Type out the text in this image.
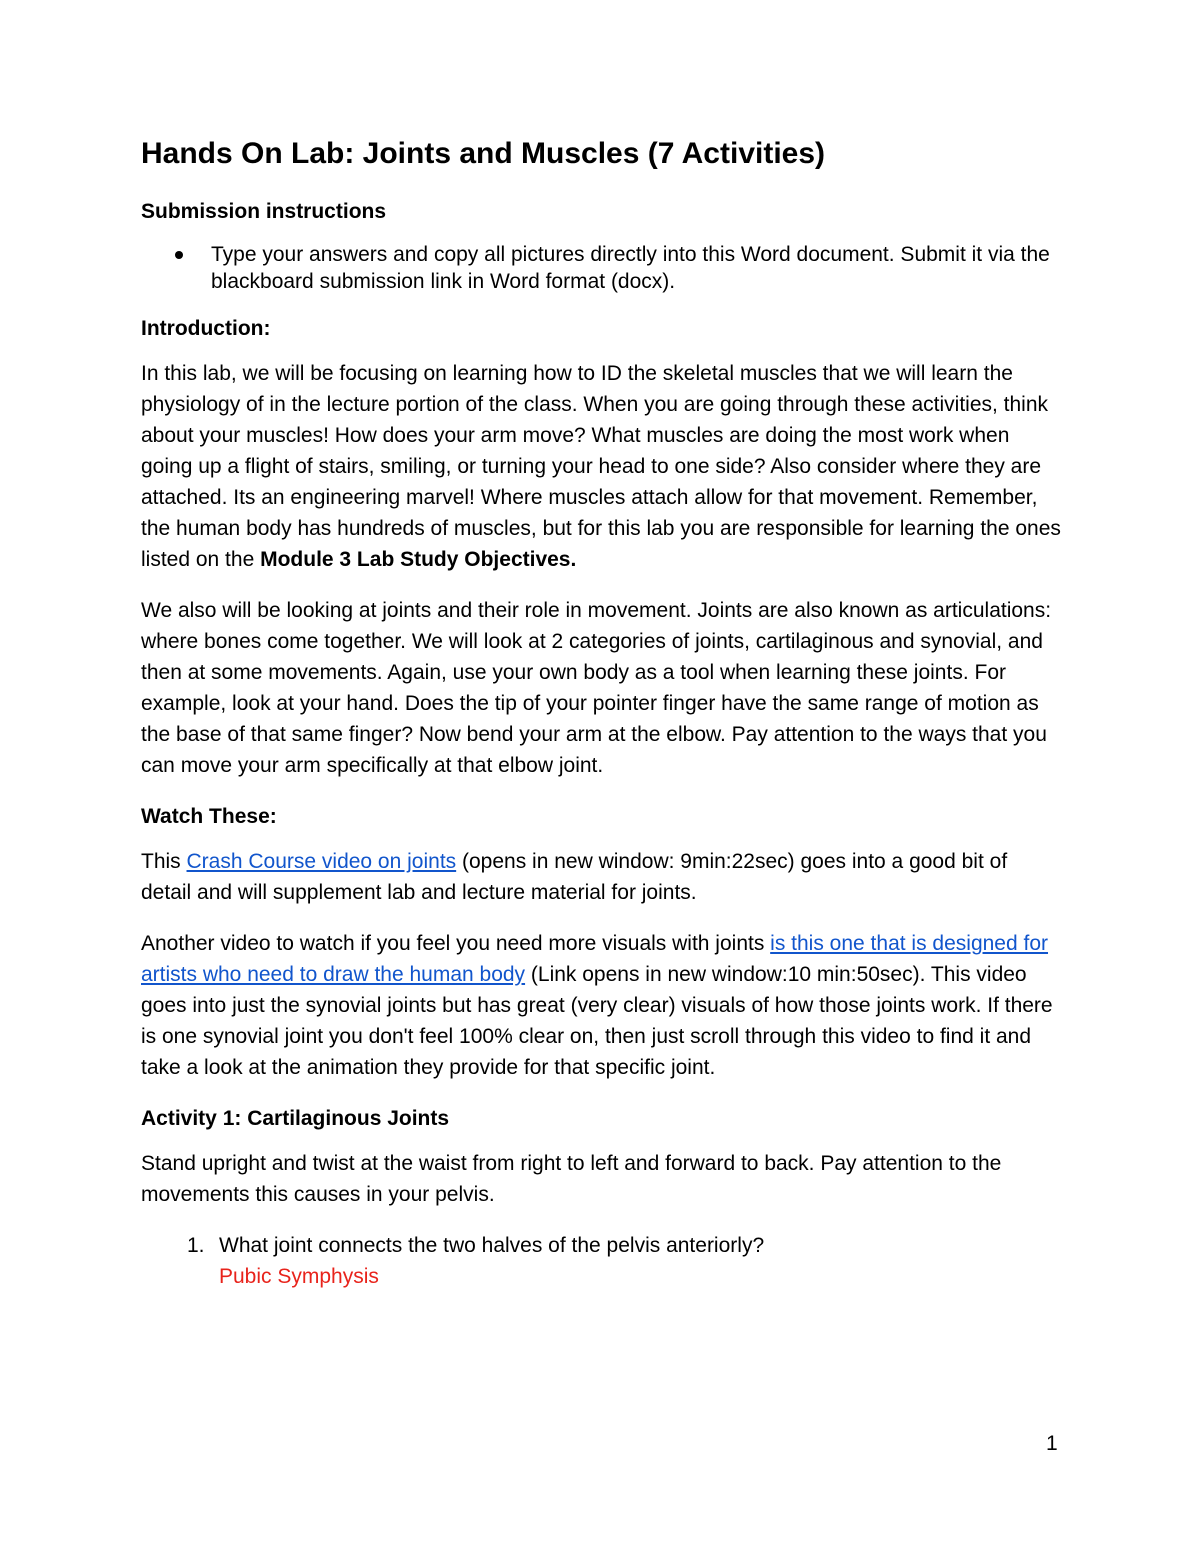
Hands On Lab: Joints and Muscles (7 Activities)
Submission instructions
Type your answers and copy all pictures directly into this Word document. Submit it via the blackboard submission link in Word format (docx).
Introduction:

In this lab, we will be focusing on learning how to ID the skeletal muscles that we will learn the physiology of in the lecture portion of the class. When you are going through these activities, think about your muscles! How does your arm move? What muscles are doing the most work when going up a flight of stairs, smiling, or turning your head to one side? Also consider where they are attached. Its an engineering marvel! Where muscles attach allow for that movement. Remember, the human body has hundreds of muscles, but for this lab you are responsible for learning the ones listed on the Module 3 Lab Study Objectives.

We also will be looking at joints and their role in movement. Joints are also known as articulations: where bones come together. We will look at 2 categories of joints, cartilaginous and synovial, and then at some movements. Again, use your own body as a tool when learning these joints. For example, look at your hand. Does the tip of your pointer finger have the same range of motion as the base of that same finger? Now bend your arm at the elbow. Pay attention to the ways that you can move your arm specifically at that elbow joint.

Watch These:

This Crash Course video on joints (opens in new window: 9min:22sec) goes into a good bit of detail and will supplement lab and lecture material for joints.

Another video to watch if you feel you need more visuals with joints is this one that is designed for artists who need to draw the human body (Link opens in new window:10 min:50sec). This video goes into just the synovial joints but has great (very clear) visuals of how those joints work. If there is one synovial joint you don't feel 100% clear on, then just scroll through this video to find it and take a look at the animation they provide for that specific joint.

Activity 1: Cartilaginous Joints

Stand upright and twist at the waist from right to left and forward to back. Pay attention to the movements this causes in your pelvis.

1. What joint connects the two halves of the pelvis anteriorly?
Pubic Symphysis
1
